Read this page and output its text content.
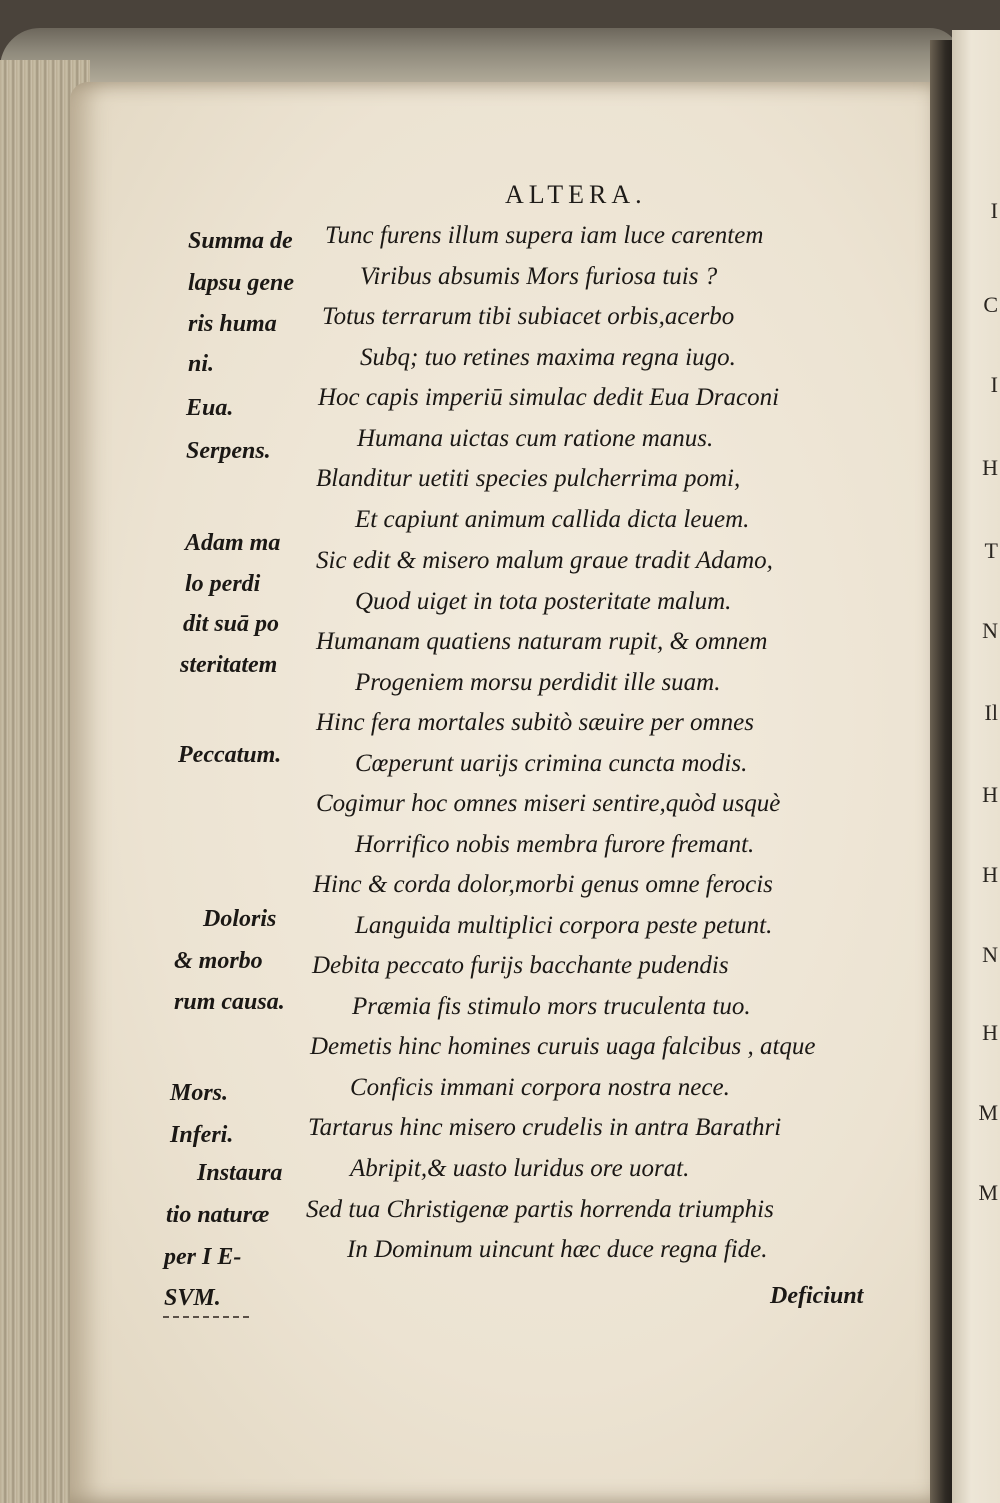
I
C
I
H
T
N
Il
H
H
N
H
M
M
ALTERA.
Tunc furens illum supera iam luce carentem
Viribus absumis Mors furiosa tuis ?
Totus terrarum tibi subiacet orbis,acerbo
Subq; tuo retines maxima regna iugo.
Hoc capis imperiū simulac dedit Eua Draconi
Humana uictas cum ratione manus.
Blanditur uetiti species pulcherrima pomi,
Et capiunt animum callida dicta leuem.
Sic edit & misero malum graue tradit Adamo,
Quod uiget in tota posteritate malum.
Humanam quatiens naturam rupit, & omnem
Progeniem morsu perdidit ille suam.
Hinc fera mortales subitò sæuire per omnes
Cœperunt uarijs crimina cuncta modis.
Cogimur hoc omnes miseri sentire,quòd usquè
Horrifico nobis membra furore fremant.
Hinc & corda dolor,morbi genus omne ferocis
Languida multiplici corpora peste petunt.
Debita peccato furijs bacchante pudendis
Præmia fis stimulo mors truculenta tuo.
Demetis hinc homines curuis uaga falcibus , atque
Conficis immani corpora nostra nece.
Tartarus hinc misero crudelis in antra Barathri
Abripit,& uasto luridus ore uorat.
Sed tua Christigenæ partis horrenda triumphis
In Dominum uincunt hæc duce regna fide.
Summa de
lapsu gene
ris huma
ni.
Eua.
Serpens.
Adam ma
lo perdi
dit suā po
steritatem
Peccatum.
Doloris
& morbo
rum causa.
Mors.
Inferi.
Instaura
tio naturæ
per I E-
SVM.	Deficiunt
